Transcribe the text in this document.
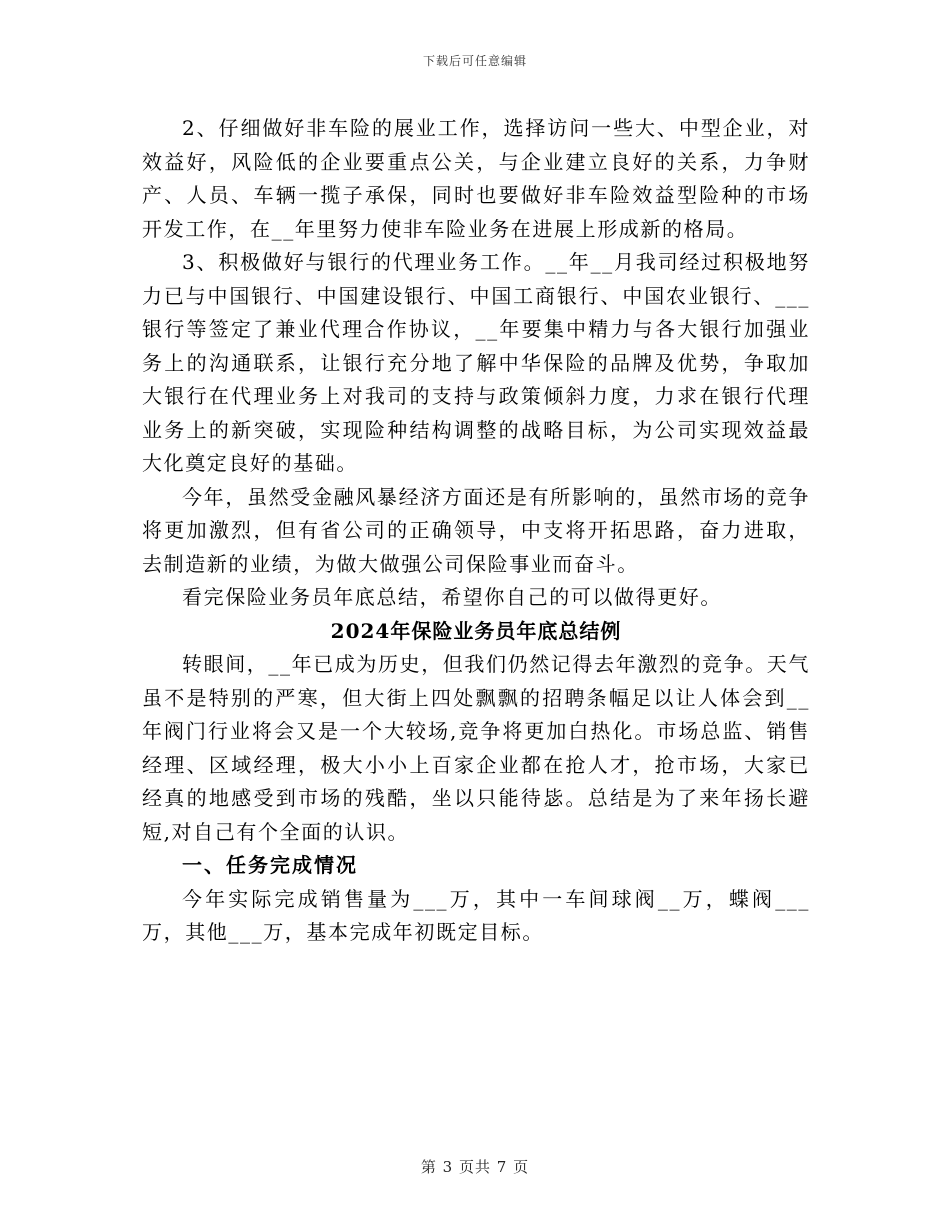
下载后可任意编辑

2、仔细做好非车险的展业工作，选择访问一些大、中型企业，对效益好，风险低的企业要重点公关，与企业建立良好的关系，力争财产、人员、车辆一揽子承保，同时也要做好非车险效益型险种的市场开发工作，在__年里努力使非车险业务在进展上形成新的格局。

3、积极做好与银行的代理业务工作。__年__月我司经过积极地努力已与中国银行、中国建设银行、中国工商银行、中国农业银行、___银行等签定了兼业代理合作协议，__年要集中精力与各大银行加强业务上的沟通联系，让银行充分地了解中华保险的品牌及优势，争取加大银行在代理业务上对我司的支持与政策倾斜力度，力求在银行代理业务上的新突破，实现险种结构调整的战略目标，为公司实现效益最大化奠定良好的基础。

今年，虽然受金融风暴经济方面还是有所影响的，虽然市场的竞争将更加激烈，但有省公司的正确领导，中支将开拓思路，奋力进取，去制造新的业绩，为做大做强公司保险事业而奋斗。

看完保险业务员年底总结，希望你自己的可以做得更好。

2024年保险业务员年底总结例

转眼间，__年已成为历史，但我们仍然记得去年激烈的竞争。天气虽不是特别的严寒，但大街上四处飘飘的招聘条幅足以让人体会到__年阀门行业将会又是一个大较场,竞争将更加白热化。市场总监、销售经理、区域经理，极大小小上百家企业都在抢人才，抢市场，大家已经真的地感受到市场的残酷，坐以只能待毖。总结是为了来年扬长避短,对自己有个全面的认识。

一、任务完成情况

今年实际完成销售量为___万，其中一车间球阀__万，蝶阀___万，其他___万，基本完成年初既定目标。

第 3 页共 7 页
